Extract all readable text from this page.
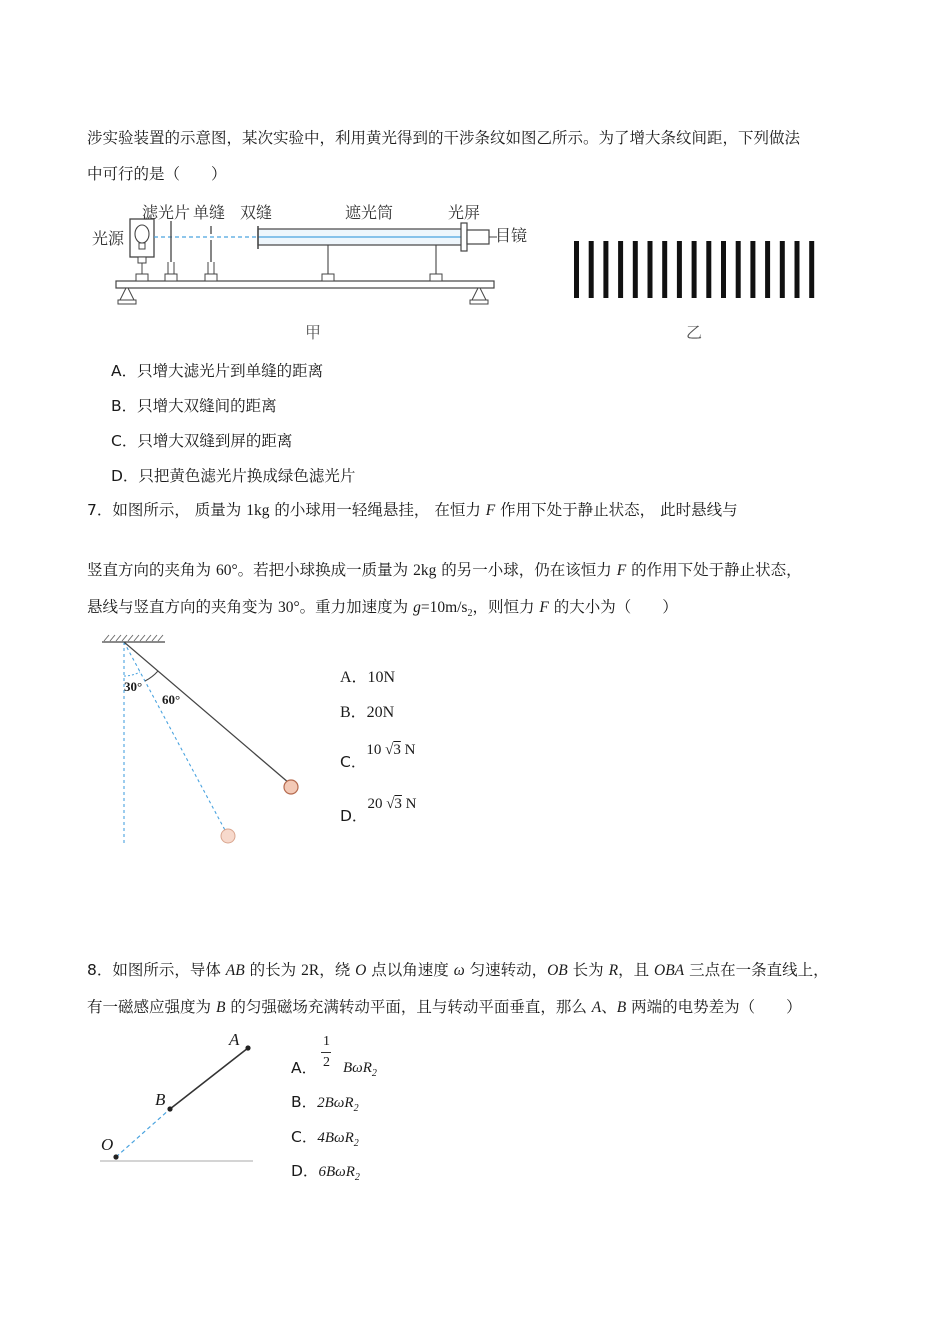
涉实验装置的示意图，某次实验中，利用黄光得到的干涉条纹如图乙所示。为了增大条纹间距，下列做法
中可行的是（　　）
光源
滤光片 单缝 双缝	遮光筒	光屏
目镜
甲	乙
A．只增大滤光片到单缝的距离
B．只增大双缝间的距离
C．只增大双缝到屏的距离
D．只把黄色滤光片换成绿色滤光片
7．如图所示， 质量为 1kg 的小球用一轻绳悬挂， 在恒力 F 作用下处于静止状态， 此时悬线与
竖直方向的夹角为 60°。若把小球换成一质量为 2kg 的另一小球，仍在该恒力 F 的作用下处于静止状态，
悬线与竖直方向的夹角变为 30°。重力加速度为 $g=10m/s_2$，则恒力 F 的大小为（　　）
30°
60°
A．10N
B．20N
C．10 √3 N
D．20 √3 N
8．如图所示，导体 AB 的长为 2R，绕 O 点以角速度 ω 匀速转动，OB 长为 R，且 OBA 三点在一条直线上，
有一磁感应强度为 B 的匀强磁场充满转动平面，且与转动平面垂直，那么 A、B 两端的电势差为（　　）
A
B
O
A．
1
2 BωR$_2$
B．2BωR$_2$
C．4BωR$_2$
D．6BωR$_2$
